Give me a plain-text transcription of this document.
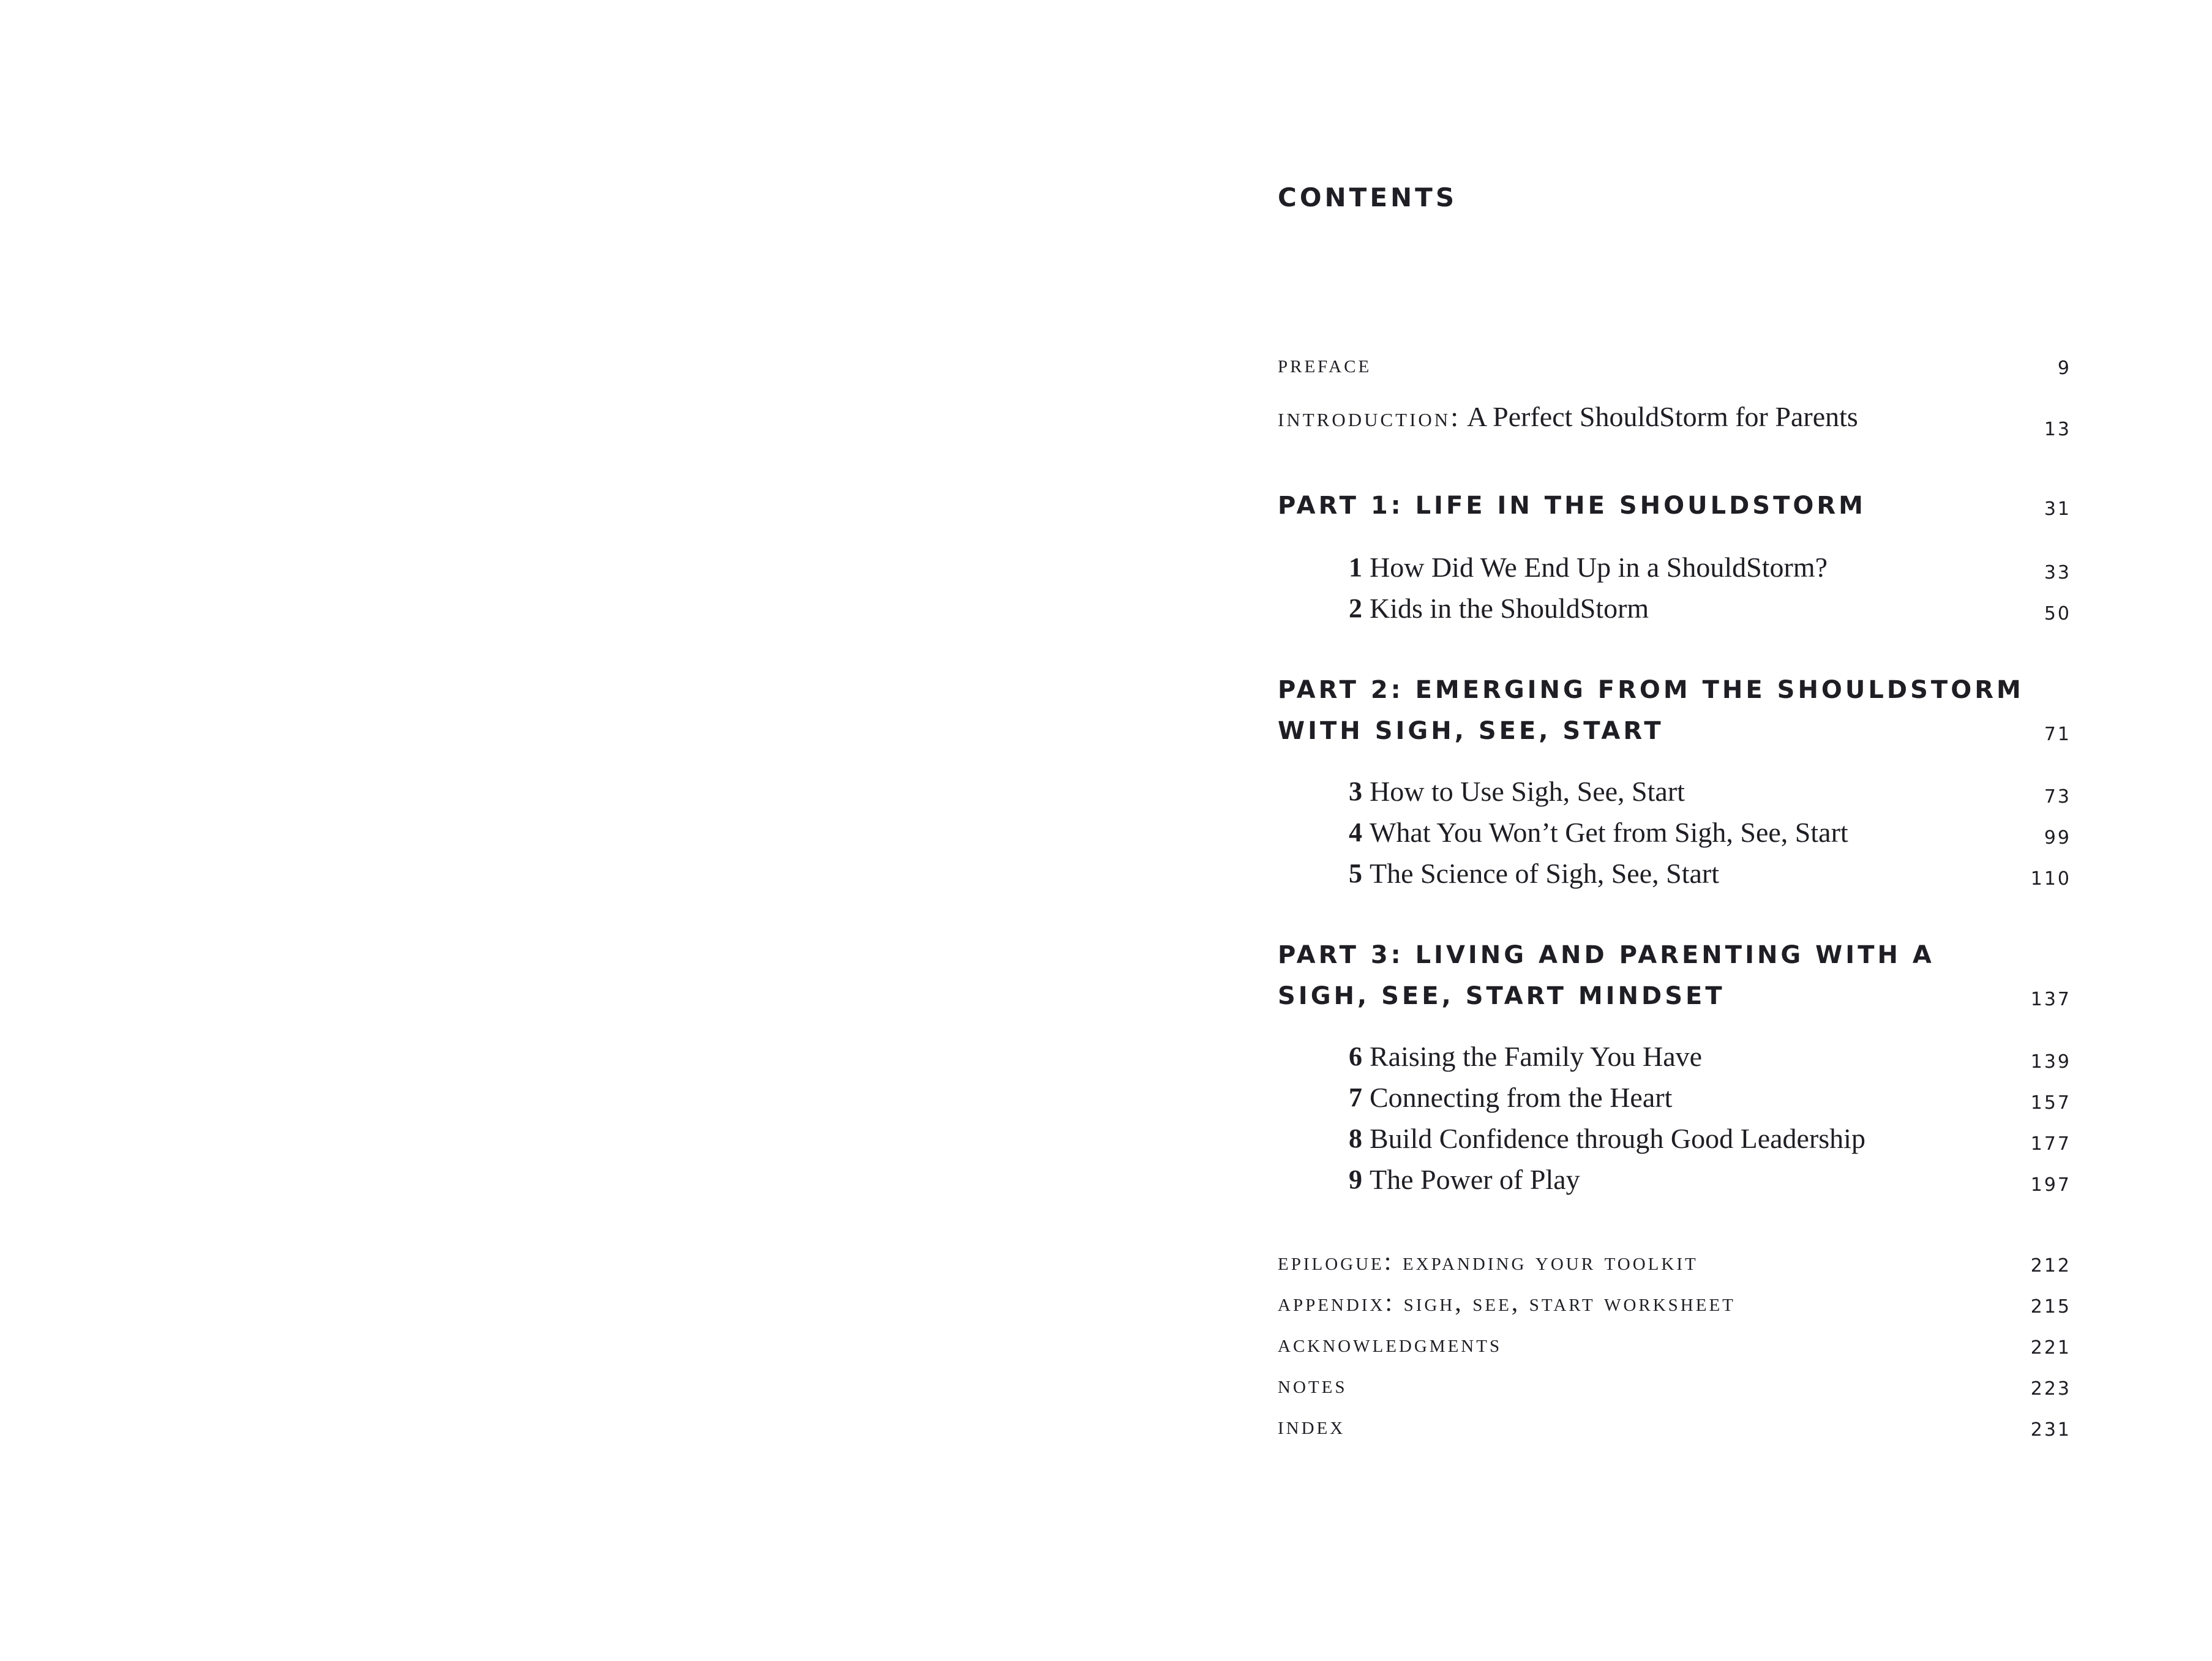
CONTENTS
preface	9
introduction: A Perfect ShouldStorm for Parents	13
PART 1: LIFE IN THE SHOULDSTORM	31
1 How Did We End Up in a ShouldStorm?	33
2 Kids in the ShouldStorm	50
PART 2: EMERGING FROM THE SHOULDSTORM
WITH SIGH, SEE, START	71
3 How to Use Sigh, See, Start	73
4 What You Won’t Get from Sigh, See, Start	99
5 The Science of Sigh, See, Start	110
PART 3: LIVING AND PARENTING WITH A
SIGH, SEE, START MINDSET	137
6 Raising the Family You Have	139
7 Connecting from the Heart	157
8 Build Confidence through Good Leadership	177
9 The Power of Play	197
epilogue: expanding your toolkit	212
appendix: sigh, see, start worksheet	215
acknowledgments	221
notes	223
index	231
